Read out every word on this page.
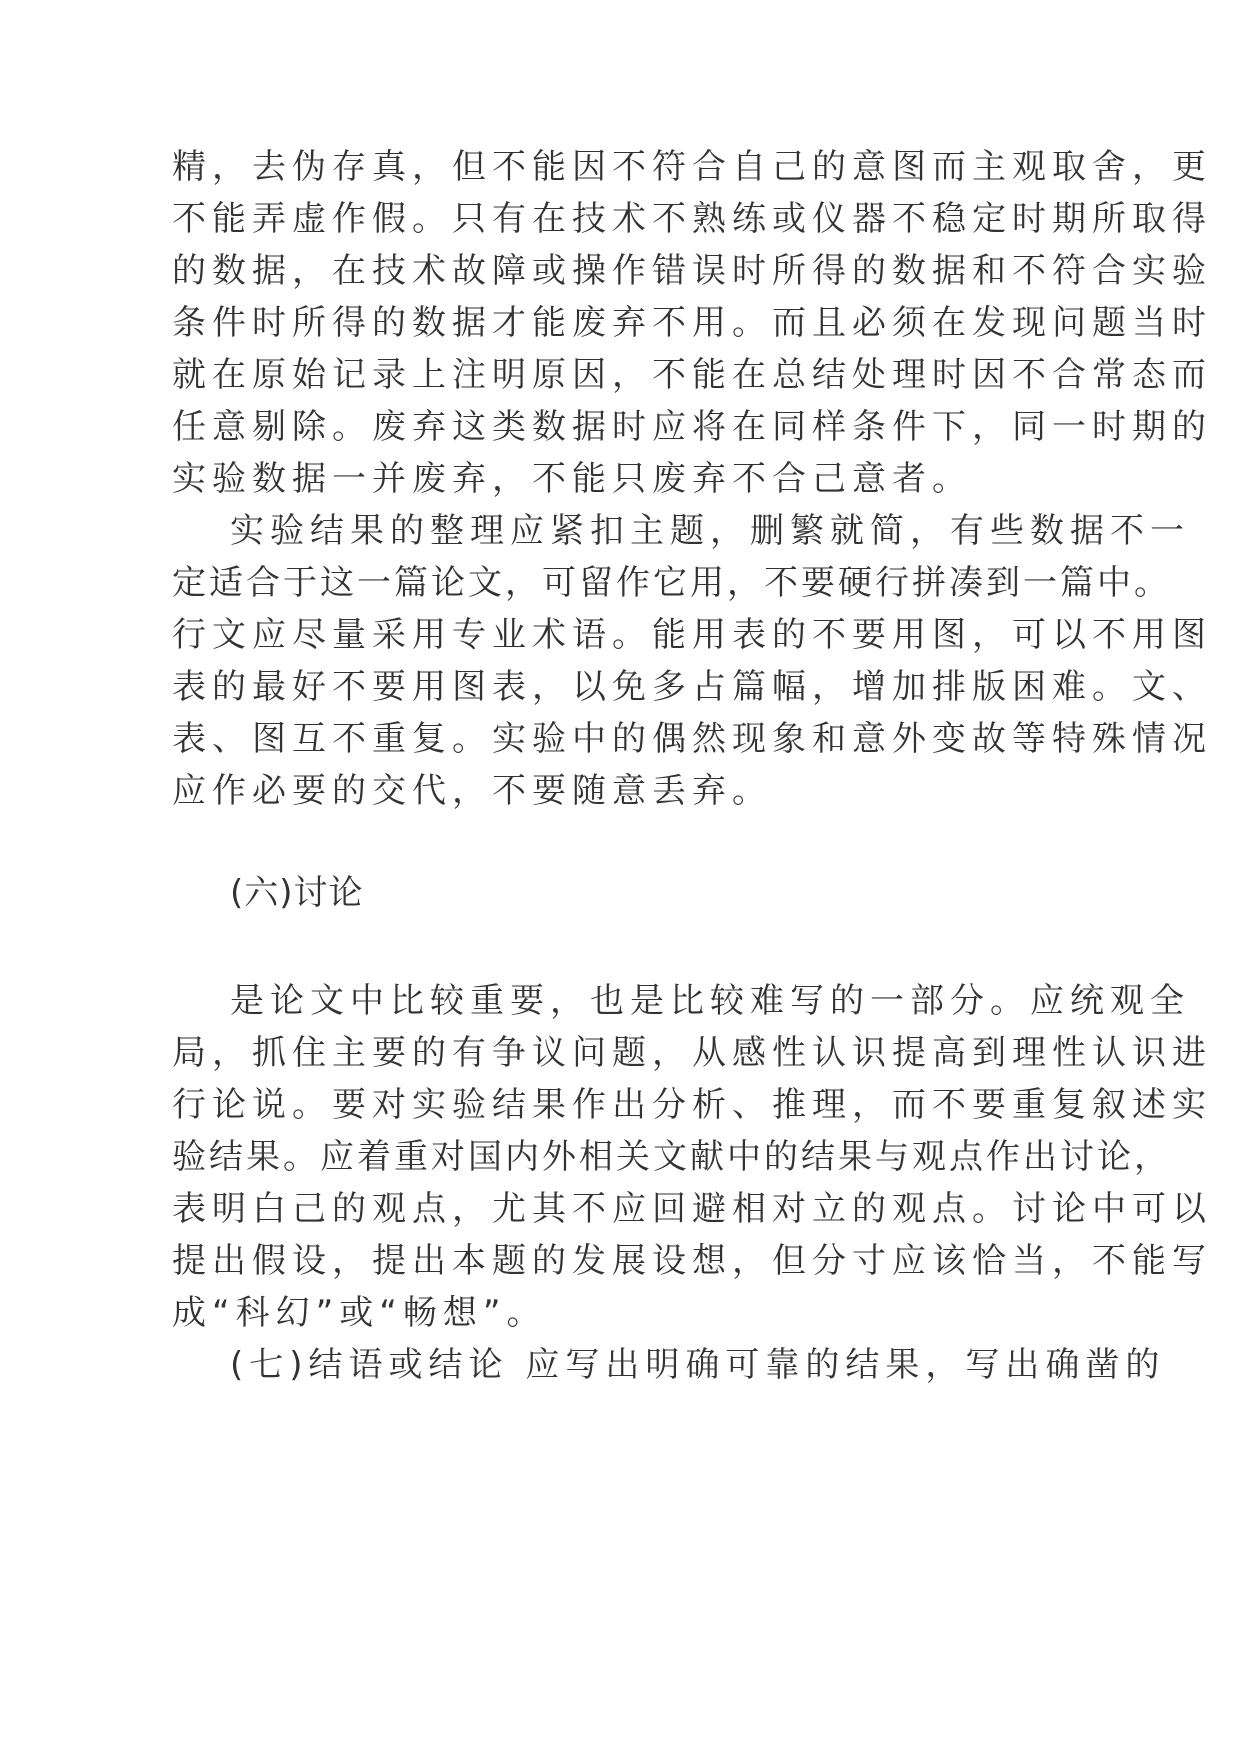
精，去伪存真，但不能因不符合自己的意图而主观取舍，更
不能弄虚作假。只有在技术不熟练或仪器不稳定时期所取得
的数据，在技术故障或操作错误时所得的数据和不符合实验
条件时所得的数据才能废弃不用。而且必须在发现问题当时
就在原始记录上注明原因，不能在总结处理时因不合常态而
任意剔除。废弃这类数据时应将在同样条件下，同一时期的
实验数据一并废弃，不能只废弃不合己意者。
实验结果的整理应紧扣主题，删繁就简，有些数据不一
定适合于这一篇论文，可留作它用，不要硬行拼凑到一篇中。
行文应尽量采用专业术语。能用表的不要用图，可以不用图
表的最好不要用图表，以免多占篇幅，增加排版困难。文、
表、图互不重复。实验中的偶然现象和意外变故等特殊情况
应作必要的交代，不要随意丢弃。
(六)讨论
是论文中比较重要，也是比较难写的一部分。应统观全
局，抓住主要的有争议问题，从感性认识提高到理性认识进
行论说。要对实验结果作出分析、推理，而不要重复叙述实
验结果。应着重对国内外相关文献中的结果与观点作出讨论，
表明白己的观点，尤其不应回避相对立的观点。讨论中可以
提出假设，提出本题的发展设想，但分寸应该恰当，不能写
成“科幻”或“畅想”。
(七)结语或结论 应写出明确可靠的结果，写出确凿的
